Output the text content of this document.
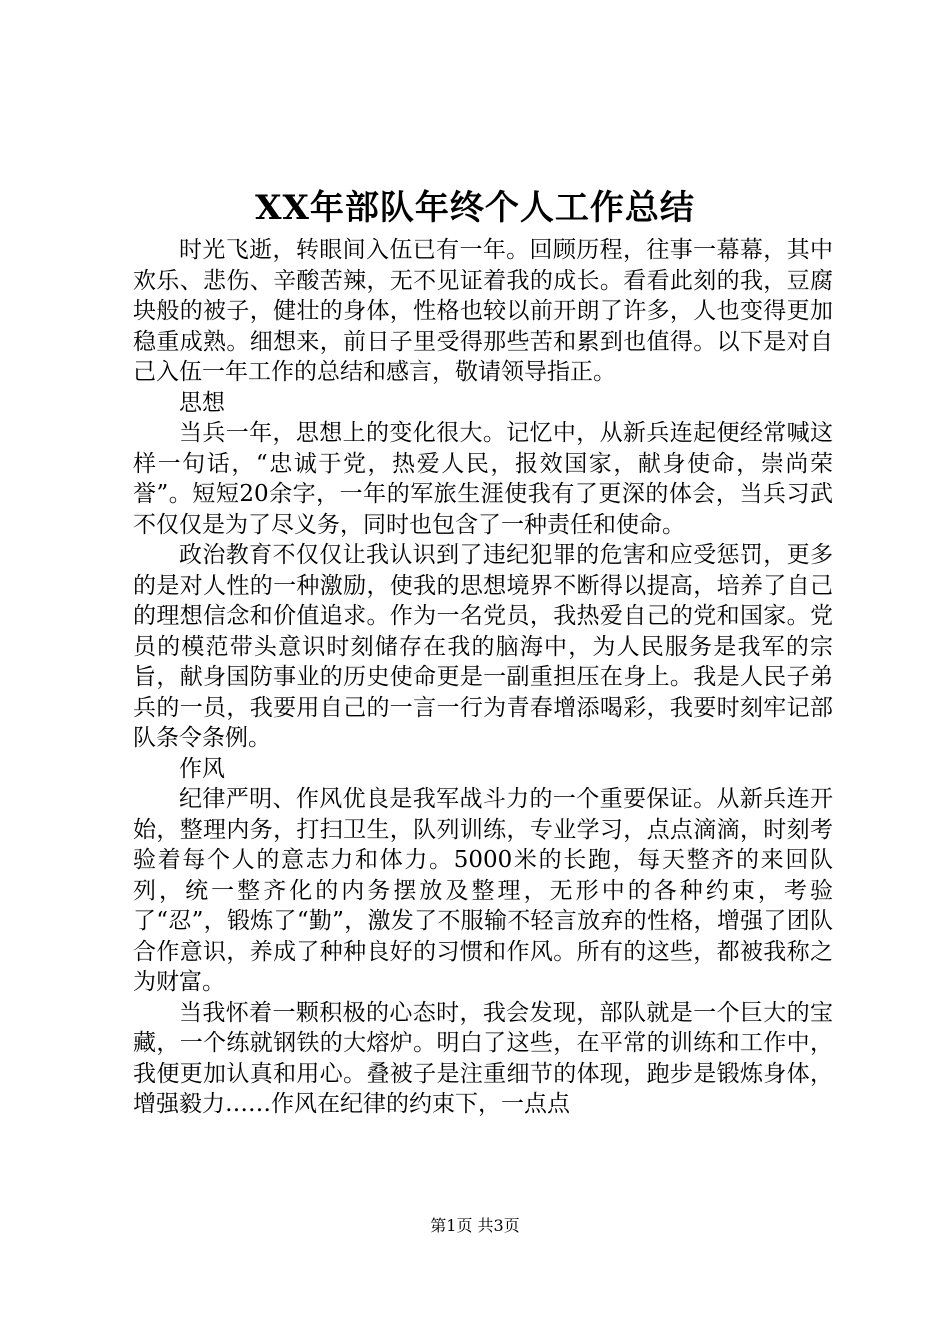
XX年部队年终个人工作总结

时光飞逝，转眼间入伍已有一年。回顾历程，往事一幕幕，其中欢乐、悲伤、辛酸苦辣，无不见证着我的成长。看看此刻的我，豆腐块般的被子，健壮的身体，性格也较以前开朗了许多，人也变得更加稳重成熟。细想来，前日子里受得那些苦和累到也值得。以下是对自己入伍一年工作的总结和感言，敬请领导指正。

思想

当兵一年，思想上的变化很大。记忆中，从新兵连起便经常喊这样一句话，“忠诚于党，热爱人民，报效国家，献身使命，崇尚荣誉”。短短20余字，一年的军旅生涯使我有了更深的体会，当兵习武不仅仅是为了尽义务，同时也包含了一种责任和使命。

政治教育不仅仅让我认识到了违纪犯罪的危害和应受惩罚，更多的是对人性的一种激励，使我的思想境界不断得以提高，培养了自己的理想信念和价值追求。作为一名党员，我热爱自己的党和国家。党员的模范带头意识时刻储存在我的脑海中，为人民服务是我军的宗旨，献身国防事业的历史使命更是一副重担压在身上。我是人民子弟兵的一员，我要用自己的一言一行为青春增添喝彩，我要时刻牢记部队条令条例。

作风

纪律严明、作风优良是我军战斗力的一个重要保证。从新兵连开始，整理内务，打扫卫生，队列训练，专业学习，点点滴滴，时刻考验着每个人的意志力和体力。5000米的长跑，每天整齐的来回队列，统一整齐化的内务摆放及整理，无形中的各种约束，考验了“忍”，锻炼了“勤”，激发了不服输不轻言放弃的性格，增强了团队合作意识，养成了种种良好的习惯和作风。所有的这些，都被我称之为财富。

当我怀着一颗积极的心态时，我会发现，部队就是一个巨大的宝藏，一个练就钢铁的大熔炉。明白了这些，在平常的训练和工作中，我便更加认真和用心。叠被子是注重细节的体现，跑步是锻炼身体，增强毅力……作风在纪律的约束下，一点点

第1页 共3页
